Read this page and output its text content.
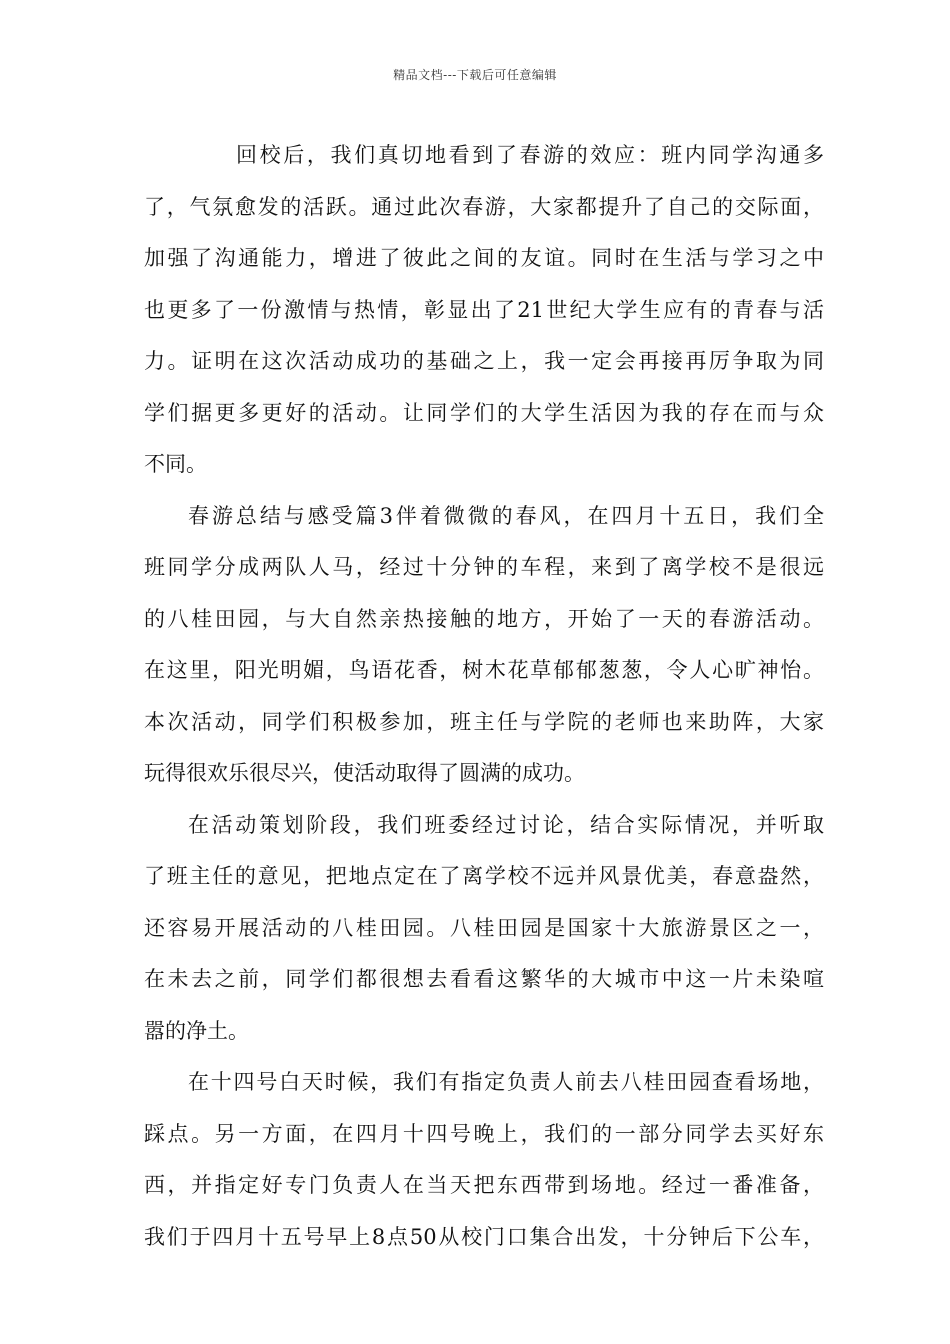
精品文档---下载后可任意编辑
回校后，我们真切地看到了春游的效应：班内同学沟通多
了，气氛愈发的活跃。通过此次春游，大家都提升了自己的交际面，
加强了沟通能力，增进了彼此之间的友谊。同时在生活与学习之中
也更多了一份激情与热情，彰显出了21世纪大学生应有的青春与活
力。证明在这次活动成功的基础之上，我一定会再接再厉争取为同
学们据更多更好的活动。让同学们的大学生活因为我的存在而与众
不同。
春游总结与感受篇3伴着微微的春风，在四月十五日，我们全
班同学分成两队人马，经过十分钟的车程，来到了离学校不是很远
的八桂田园，与大自然亲热接触的地方，开始了一天的春游活动。
在这里，阳光明媚，鸟语花香，树木花草郁郁葱葱，令人心旷神怡。
本次活动，同学们积极参加，班主任与学院的老师也来助阵，大家
玩得很欢乐很尽兴，使活动取得了圆满的成功。
在活动策划阶段，我们班委经过讨论，结合实际情况，并听取
了班主任的意见，把地点定在了离学校不远并风景优美，春意盎然，
还容易开展活动的八桂田园。八桂田园是国家十大旅游景区之一，
在未去之前，同学们都很想去看看这繁华的大城市中这一片未染喧
嚣的净土。
在十四号白天时候，我们有指定负责人前去八桂田园查看场地，
踩点。另一方面，在四月十四号晚上，我们的一部分同学去买好东
西，并指定好专门负责人在当天把东西带到场地。经过一番准备，
我们于四月十五号早上8点50从校门口集合出发，十分钟后下公车，
